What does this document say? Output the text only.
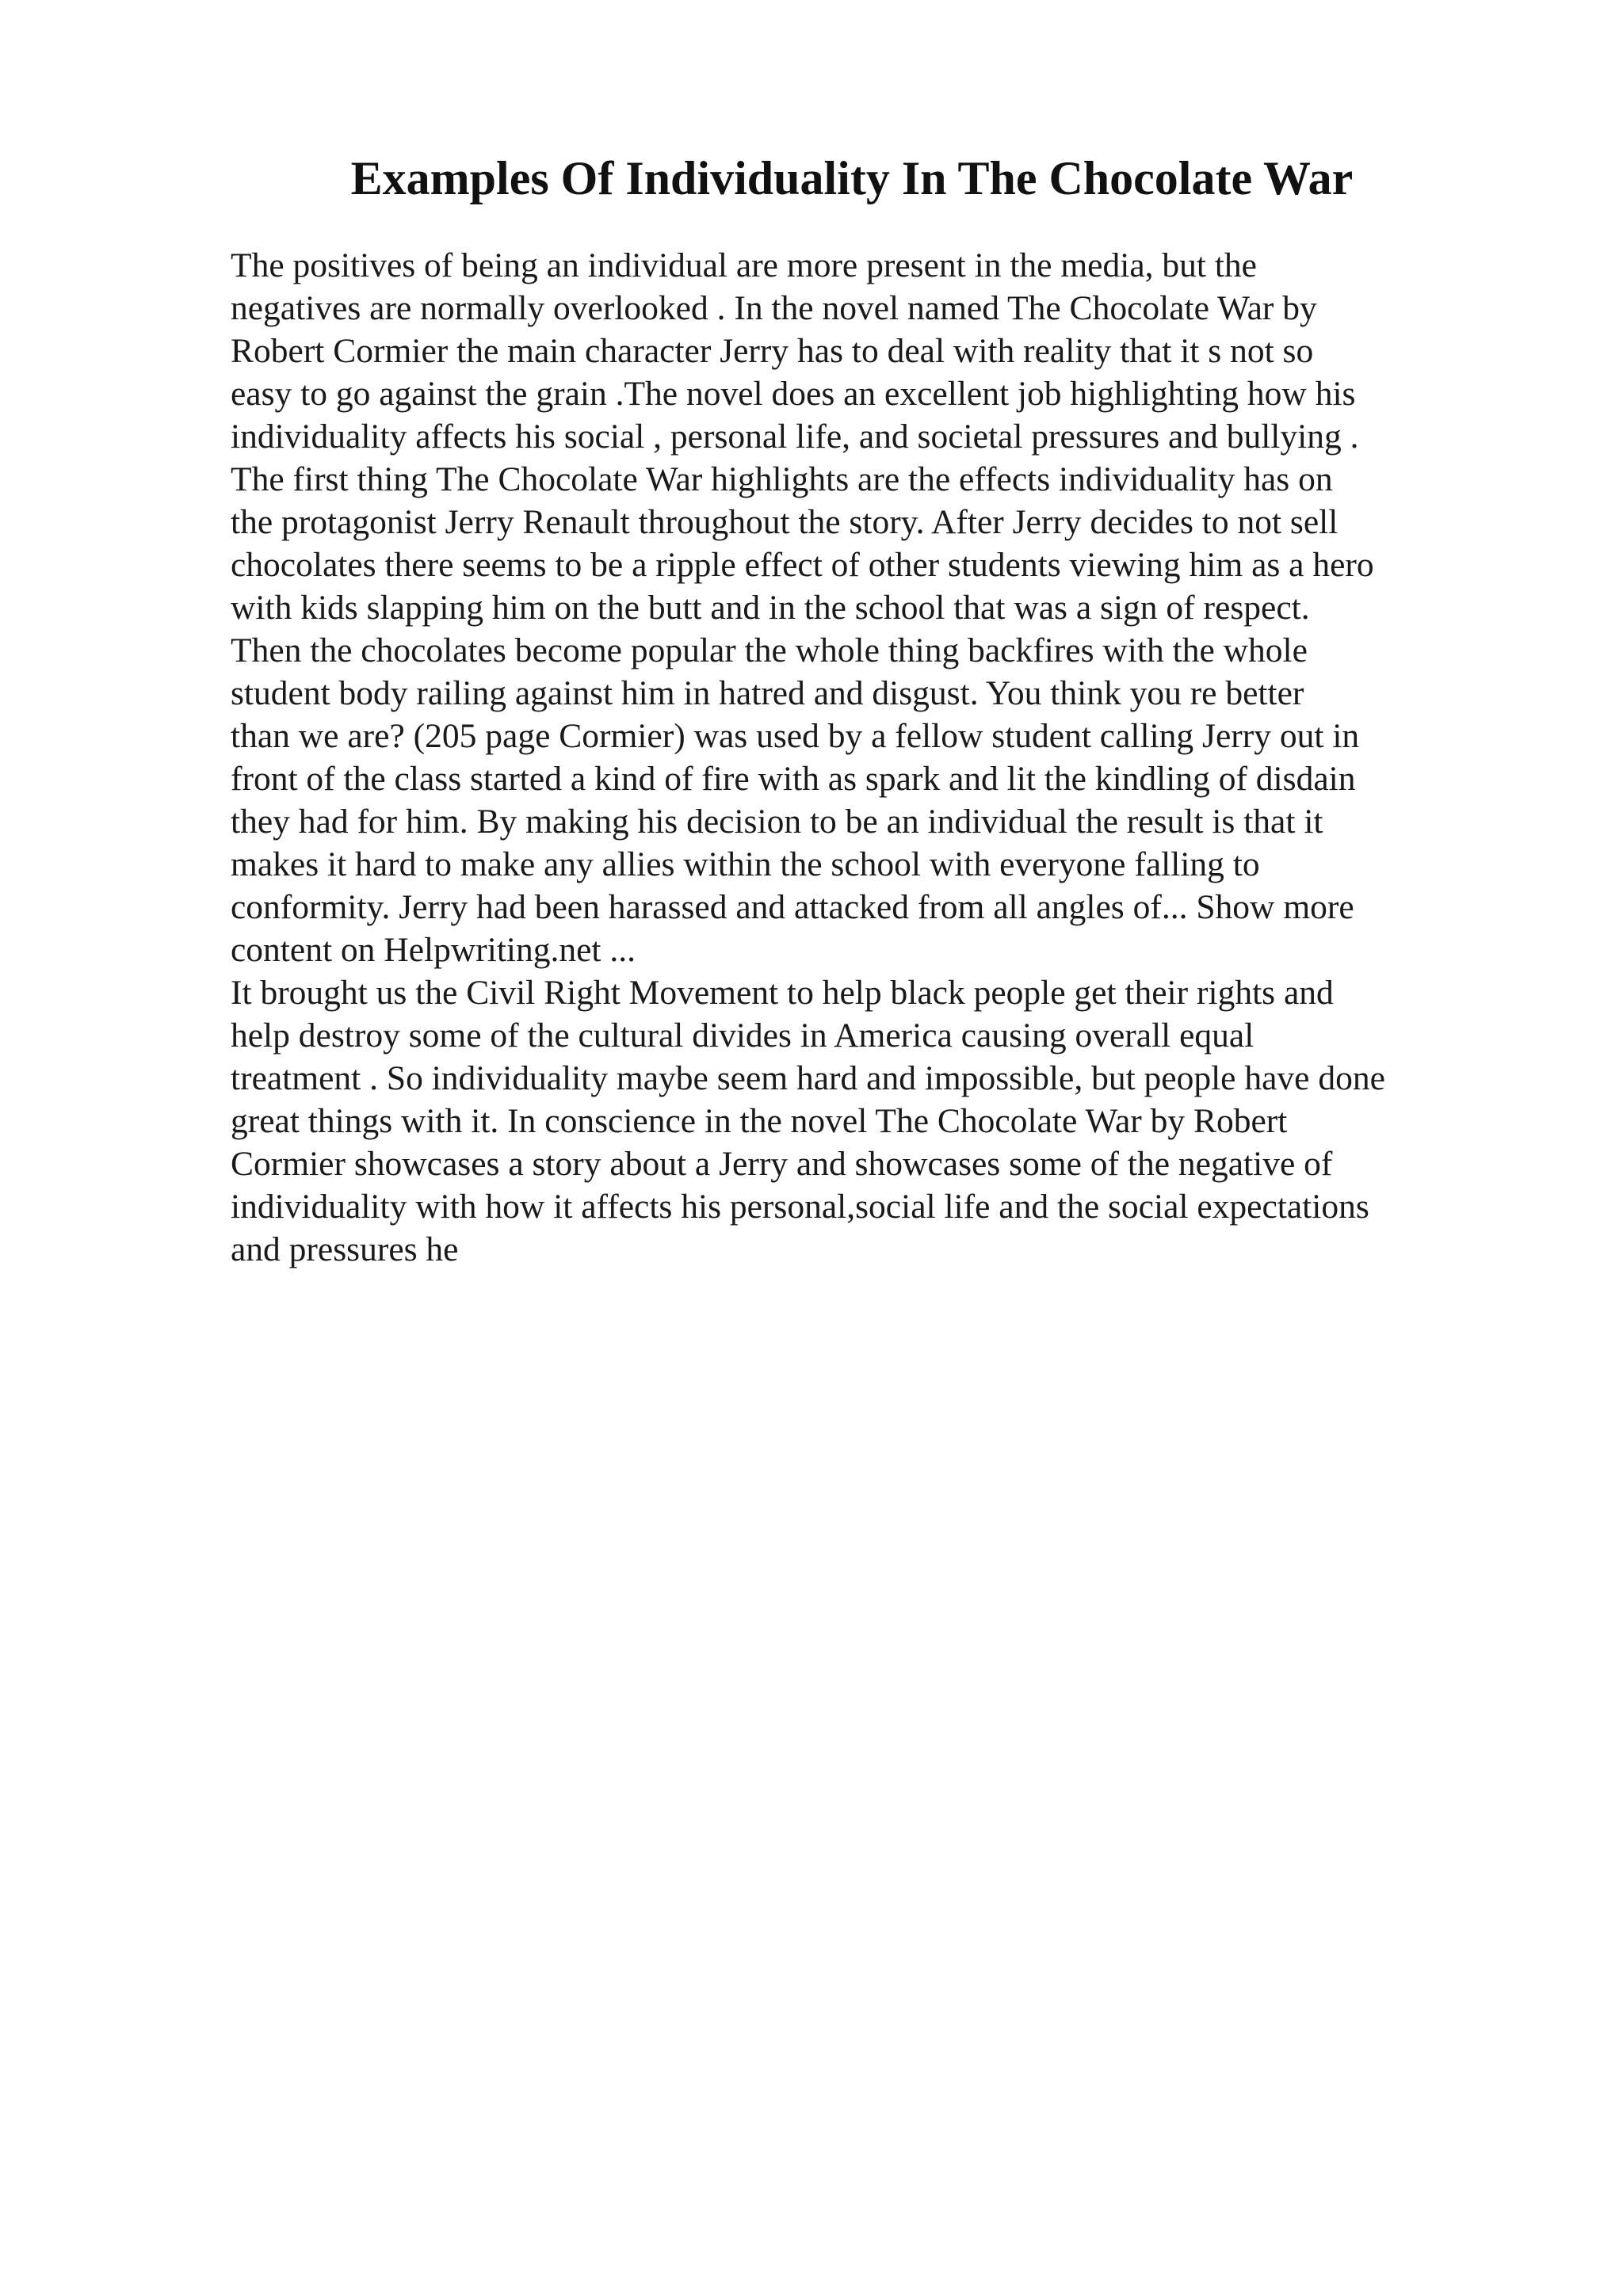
Examples Of Individuality In The Chocolate War
The positives of being an individual are more present in the media, but the
negatives are normally overlooked . In the novel named The Chocolate War by
Robert Cormier the main character Jerry has to deal with reality that it s not so
easy to go against the grain .The novel does an excellent job highlighting how his
individuality affects his social , personal life, and societal pressures and bullying .
The first thing The Chocolate War highlights are the effects individuality has on
the protagonist Jerry Renault throughout the story. After Jerry decides to not sell
chocolates there seems to be a ripple effect of other students viewing him as a hero
with kids slapping him on the butt and in the school that was a sign of respect.
Then the chocolates become popular the whole thing backfires with the whole
student body railing against him in hatred and disgust. You think you re better
than we are? (205 page Cormier) was used by a fellow student calling Jerry out in
front of the class started a kind of fire with as spark and lit the kindling of disdain
they had for him. By making his decision to be an individual the result is that it
makes it hard to make any allies within the school with everyone falling to
conformity. Jerry had been harassed and attacked from all angles of... Show more
content on Helpwriting.net ...
It brought us the Civil Right Movement to help black people get their rights and
help destroy some of the cultural divides in America causing overall equal
treatment . So individuality maybe seem hard and impossible, but people have done
great things with it. In conscience in the novel The Chocolate War by Robert
Cormier showcases a story about a Jerry and showcases some of the negative of
individuality with how it affects his personal,social life and the social expectations
and pressures he
